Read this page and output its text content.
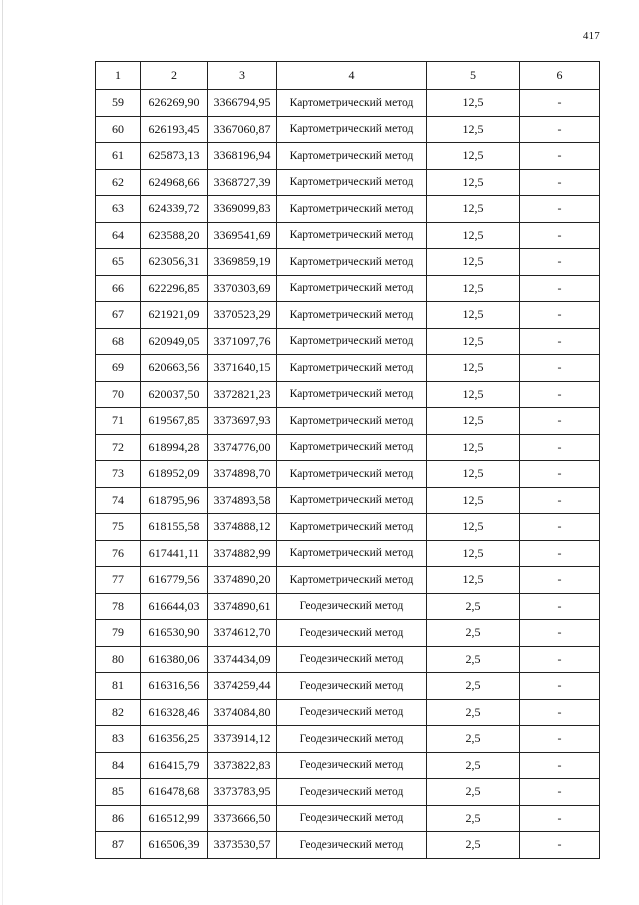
417
1	2	3	4	5	6
59	626269,90	3366794,95	Картометрический метод	12,5	-
60	626193,45	3367060,87	Картометрический метод	12,5	-
61	625873,13	3368196,94	Картометрический метод	12,5	-
62	624968,66	3368727,39	Картометрический метод	12,5	-
63	624339,72	3369099,83	Картометрический метод	12,5	-
64	623588,20	3369541,69	Картометрический метод	12,5	-
65	623056,31	3369859,19	Картометрический метод	12,5	-
66	622296,85	3370303,69	Картометрический метод	12,5	-
67	621921,09	3370523,29	Картометрический метод	12,5	-
68	620949,05	3371097,76	Картометрический метод	12,5	-
69	620663,56	3371640,15	Картометрический метод	12,5	-
70	620037,50	3372821,23	Картометрический метод	12,5	-
71	619567,85	3373697,93	Картометрический метод	12,5	-
72	618994,28	3374776,00	Картометрический метод	12,5	-
73	618952,09	3374898,70	Картометрический метод	12,5	-
74	618795,96	3374893,58	Картометрический метод	12,5	-
75	618155,58	3374888,12	Картометрический метод	12,5	-
76	617441,11	3374882,99	Картометрический метод	12,5	-
77	616779,56	3374890,20	Картометрический метод	12,5	-
78	616644,03	3374890,61	Геодезический метод	2,5	-
79	616530,90	3374612,70	Геодезический метод	2,5	-
80	616380,06	3374434,09	Геодезический метод	2,5	-
81	616316,56	3374259,44	Геодезический метод	2,5	-
82	616328,46	3374084,80	Геодезический метод	2,5	-
83	616356,25	3373914,12	Геодезический метод	2,5	-
84	616415,79	3373822,83	Геодезический метод	2,5	-
85	616478,68	3373783,95	Геодезический метод	2,5	-
86	616512,99	3373666,50	Геодезический метод	2,5	-
87	616506,39	3373530,57	Геодезический метод	2,5	-
